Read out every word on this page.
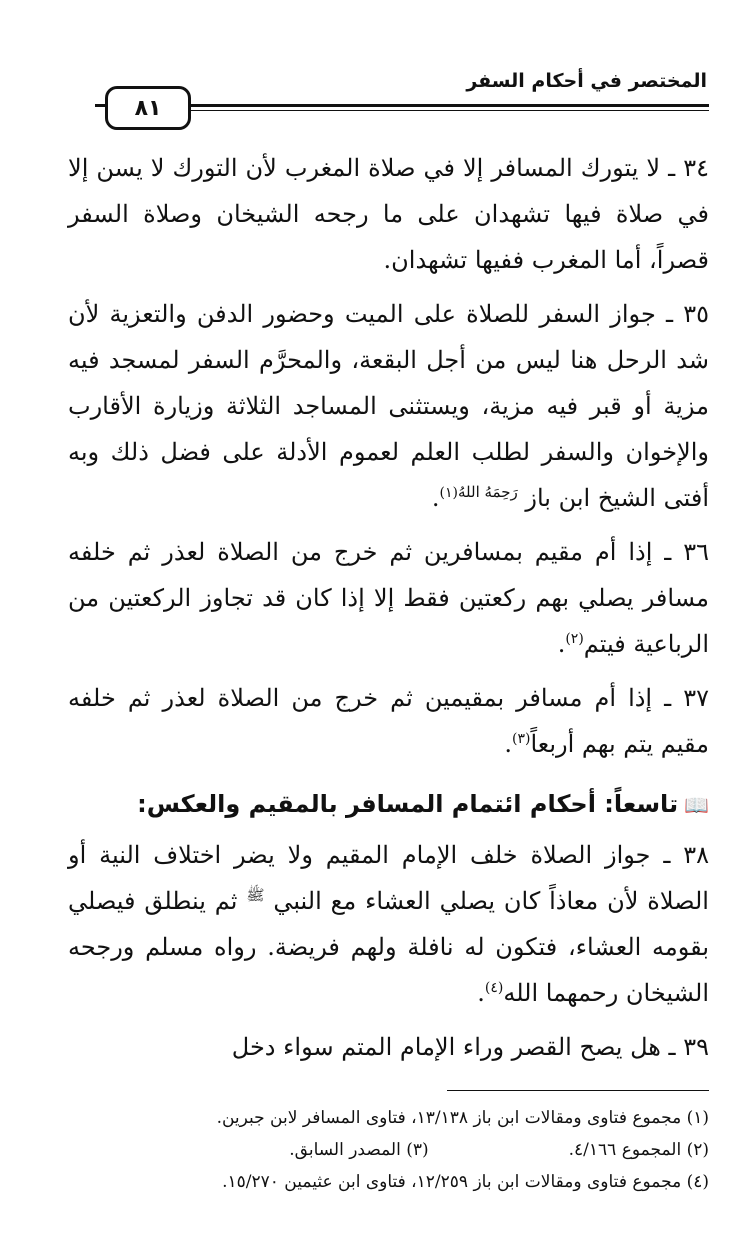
المختصر في أحكام السفر
٨١

٣٤ ـ لا يتورك المسافر إلا في صلاة المغرب لأن التورك لا يسن إلا في صلاة فيها تشهدان على ما رجحه الشيخان وصلاة السفر قصراً، أما المغرب ففيها تشهدان.

٣٥ ـ جواز السفر للصلاة على الميت وحضور الدفن والتعزية لأن شد الرحل هنا ليس من أجل البقعة، والمحرَّم السفر لمسجد فيه مزية أو قبر فيه مزية، ويستثنى المساجد الثلاثة وزيارة الأقارب والإخوان والسفر لطلب العلم لعموم الأدلة على فضل ذلك وبه أفتى الشيخ ابن باز $^{رَحِمَهُ اللهُ(١)}$.

٣٦ ـ إذا أم مقيم بمسافرين ثم خرج من الصلاة لعذر ثم خلفه مسافر يصلي بهم ركعتين فقط إلا إذا كان قد تجاوز الركعتين من الرباعية فيتم$^{(٢)}$.

٣٧ ـ إذا أم مسافر بمقيمين ثم خرج من الصلاة لعذر ثم خلفه مقيم يتم بهم أربعاً$^{(٣)}$.

📖تاسعاً: أحكام ائتمام المسافر بالمقيم والعكس:

٣٨ ـ جواز الصلاة خلف الإمام المقيم ولا يضر اختلاف النية أو الصلاة لأن معاذاً كان يصلي العشاء مع النبي $^ﷺ$ ثم ينطلق فيصلي بقومه العشاء، فتكون له نافلة ولهم فريضة. رواه مسلم ورجحه الشيخان رحمهما الله$^{(٤)}$.

٣٩ ـ هل يصح القصر وراء الإمام المتم سواء دخل

(١) مجموع فتاوى ومقالات ابن باز ١٣/١٣٨، فتاوى المسافر لابن جبرين.
(٢) المجموع ٤/١٦٦.(٣) المصدر السابق.
(٤) مجموع فتاوى ومقالات ابن باز ١٢/٢٥٩، فتاوى ابن عثيمين ١٥/٢٧٠.
